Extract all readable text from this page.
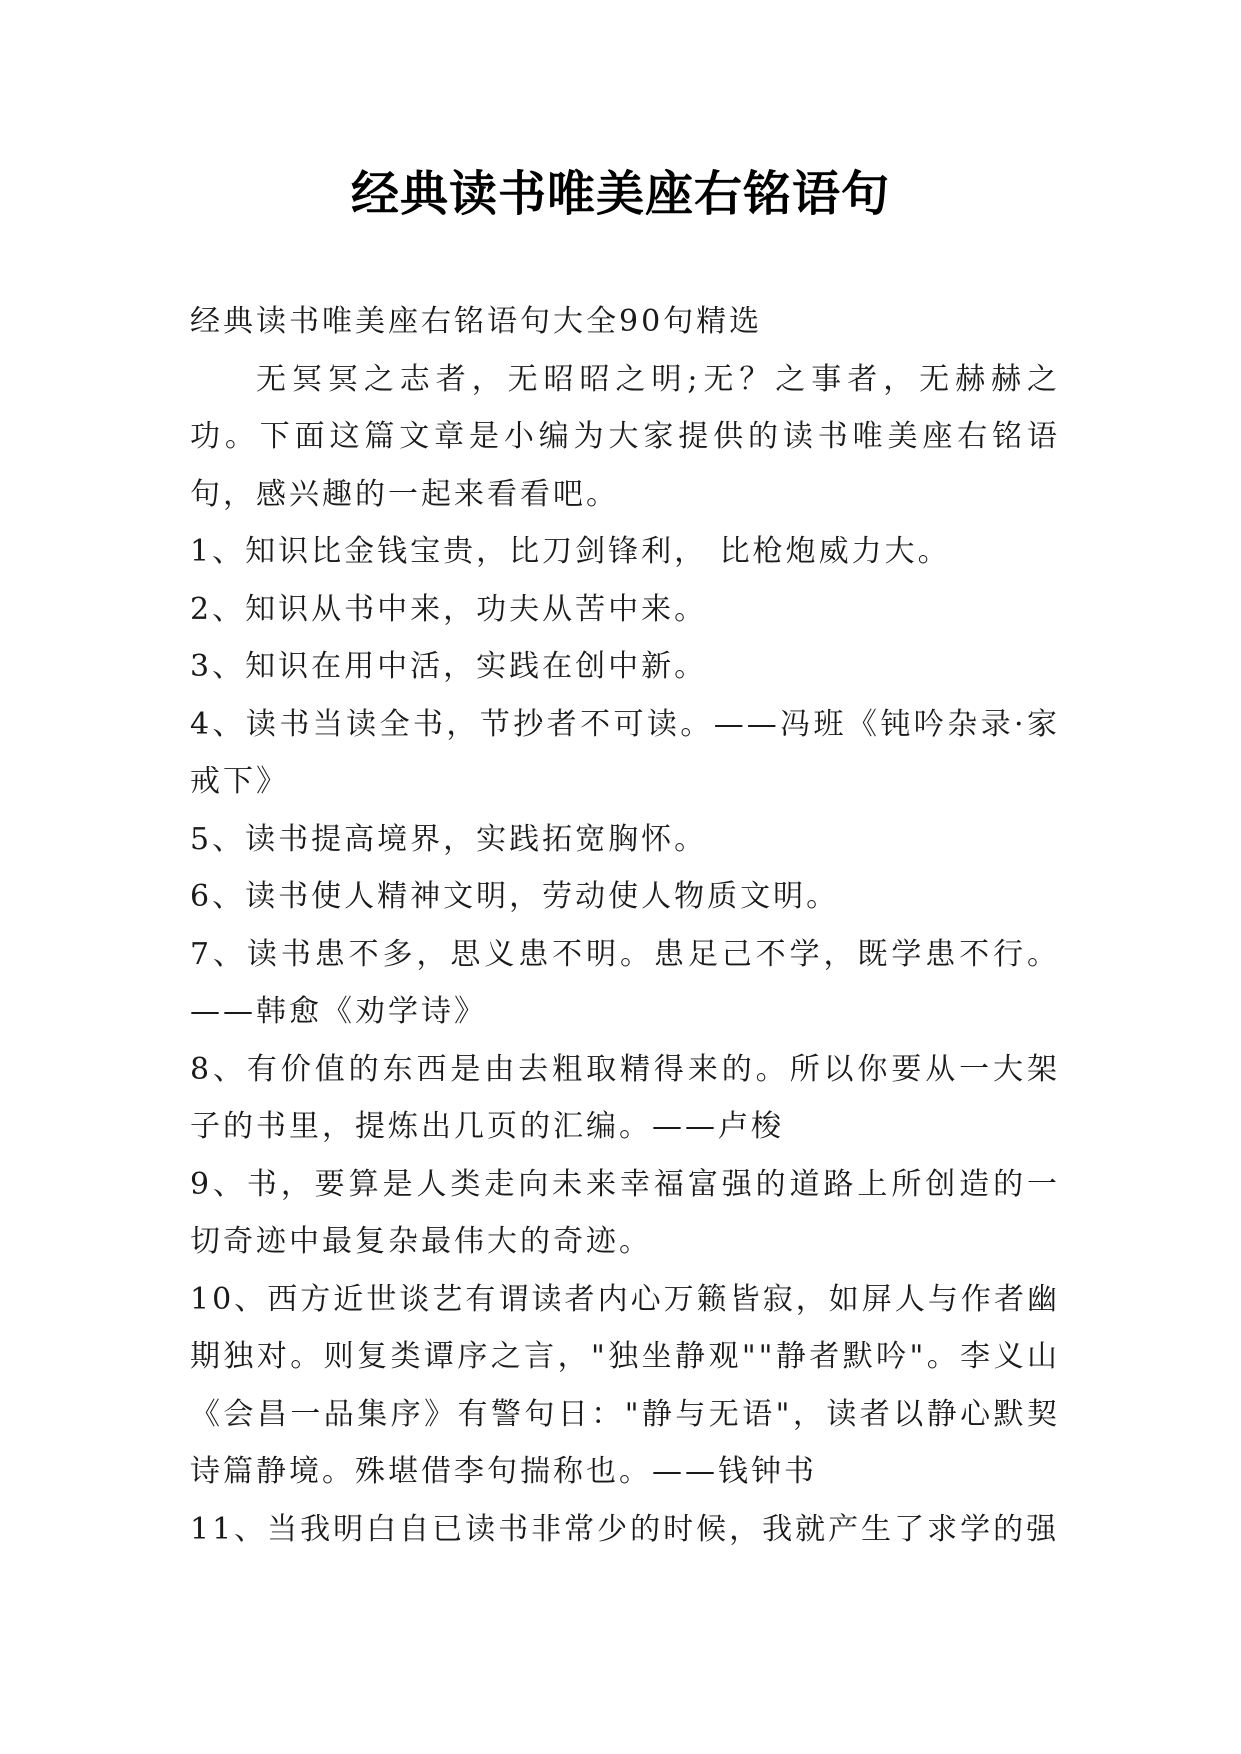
经典读书唯美座右铭语句

经典读书唯美座右铭语句大全90句精选

无冥冥之志者，无昭昭之明;无？之事者，无赫赫之功。下面这篇文章是小编为大家提供的读书唯美座右铭语句，感兴趣的一起来看看吧。

1、知识比金钱宝贵，比刀剑锋利， 比枪炮威力大。

2、知识从书中来，功夫从苦中来。

3、知识在用中活，实践在创中新。

4、读书当读全书，节抄者不可读。——冯班《钝吟杂录·家戒下》

5、读书提高境界，实践拓宽胸怀。

6、读书使人精神文明，劳动使人物质文明。

7、读书患不多，思义患不明。患足己不学，既学患不行。——韩愈《劝学诗》

8、有价值的东西是由去粗取精得来的。所以你要从一大架子的书里，提炼出几页的汇编。——卢梭

9、书，要算是人类走向未来幸福富强的道路上所创造的一切奇迹中最复杂最伟大的奇迹。

10、西方近世谈艺有谓读者内心万籁皆寂，如屏人与作者幽期独对。则复类谭序之言，"独坐静观""静者默吟"。李义山《会昌一品集序》有警句日："静与无语"，读者以静心默契诗篇静境。殊堪借李句揣称也。——钱钟书

11、当我明白自已读书非常少的时候，我就产生了求学的强
